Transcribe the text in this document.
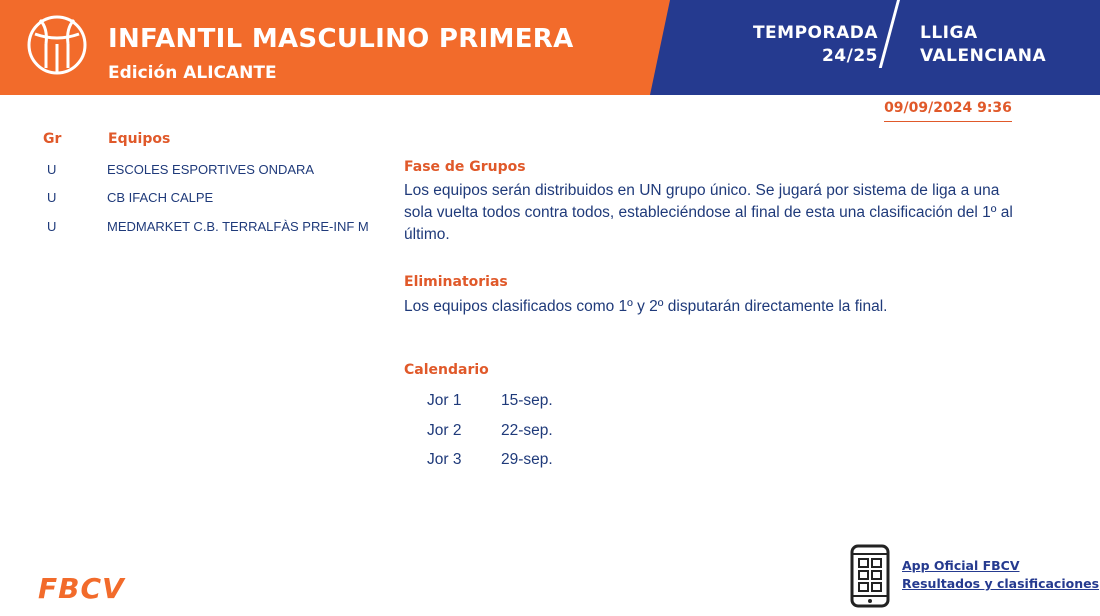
INFANTIL MASCULINO PRIMERA
Edición ALICANTE
TEMPORADA
24/25
LLIGA
VALENCIANA
09/09/2024 9:36
Gr	Equipos
U	ESCOLES ESPORTIVES ONDARA
U	CB IFACH CALPE
U	MEDMARKET C.B. TERRALFÀS PRE-INF M
Fase de Grupos
Los equipos serán distribuidos en UN grupo único. Se jugará por sistema de liga a una sola vuelta todos contra todos, estableciéndose al final de esta una clasificación del 1º al último.
Eliminatorias
Los equipos clasificados como 1º y 2º disputarán directamente la final.
Calendario
Jor 1	15-sep.
Jor 2	22-sep.
Jor 3	29-sep.
FBCV
App Oficial FBCV
Resultados y clasificaciones
